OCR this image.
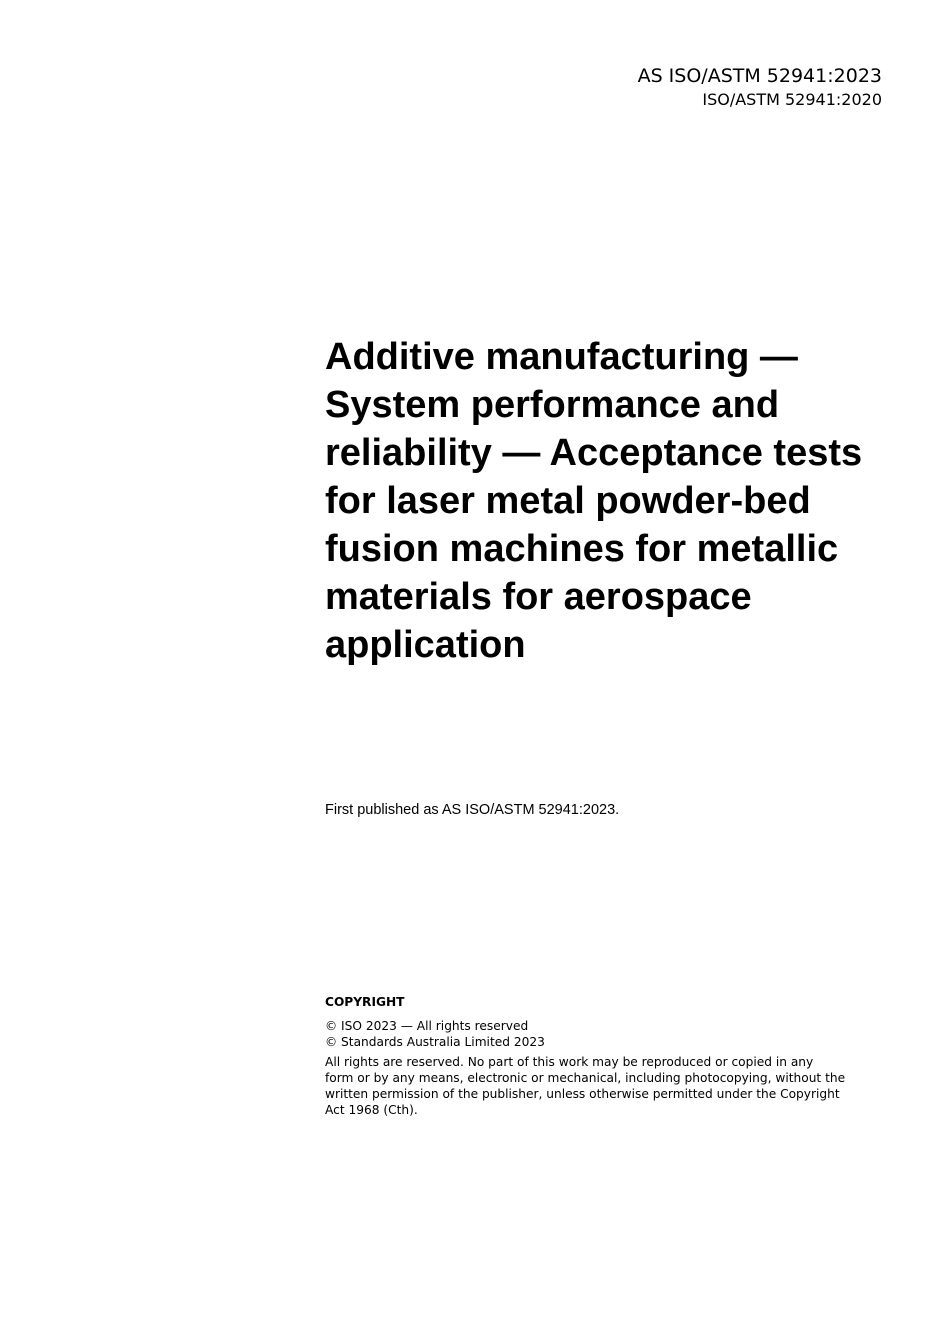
AS ISO/ASTM 52941:2023
ISO/ASTM 52941:2020
Additive manufacturing —
System performance and
reliability — Acceptance tests
for laser metal powder-bed
fusion machines for metallic
materials for aerospace
application
First published as AS ISO/ASTM 52941:2023.
COPYRIGHT
© ISO 2023 — All rights reserved
© Standards Australia Limited 2023
All rights are reserved. No part of this work may be reproduced or copied in any
form or by any means, electronic or mechanical, including photocopying, without the
written permission of the publisher, unless otherwise permitted under the Copyright
Act 1968 (Cth).
